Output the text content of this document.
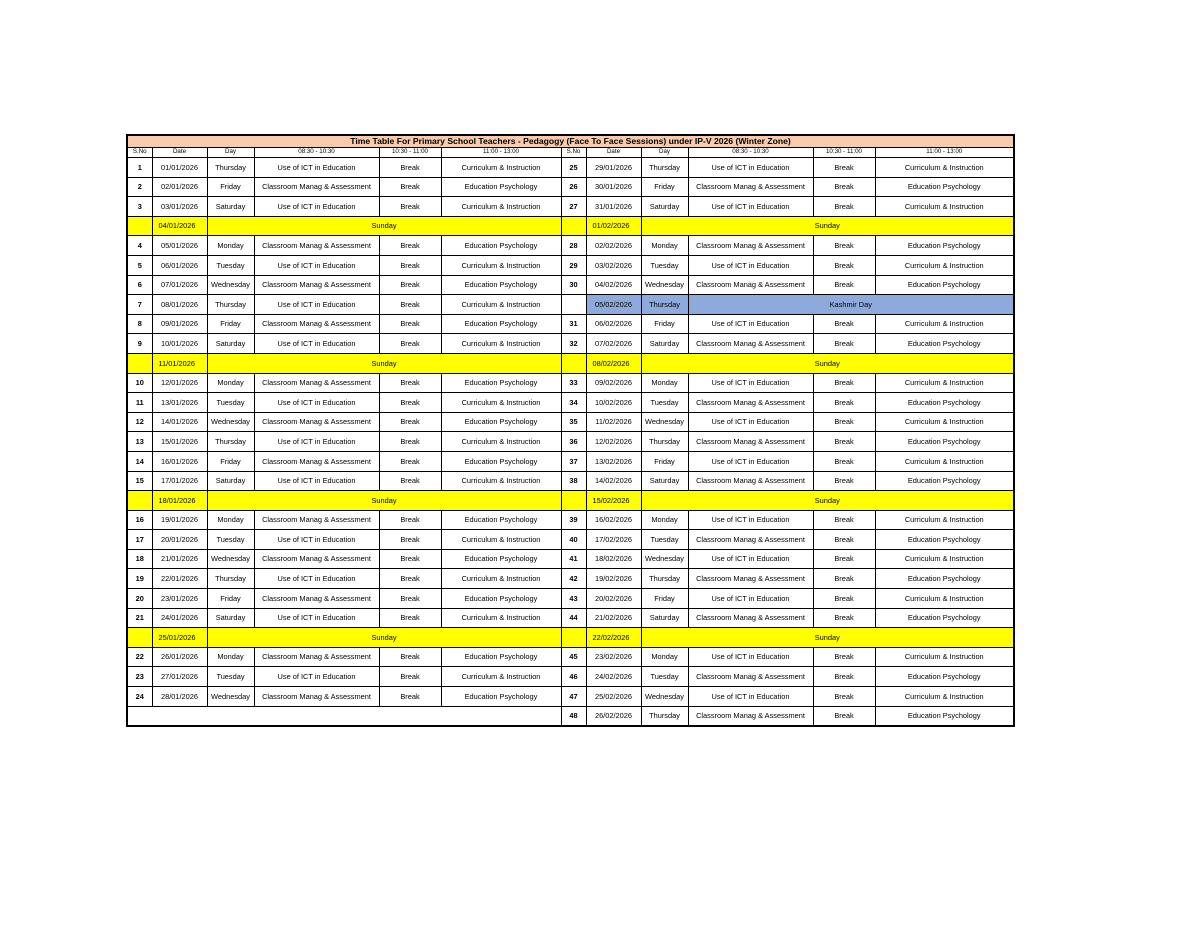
Time Table For Primary School Teachers - Pedagogy (Face To Face Sessions) under IP-V 2026 (Winter Zone)											
S.No	Date	Day	08:30 - 10:30	10:30 - 11:00	11:00 - 13:00	S.No	Date	Day	08:30 - 10:30	10:30 - 11:00	11:00 - 13:00
1	01/01/2026	Thursday	Use of ICT in Education	Break	Curriculum & Instruction	25	29/01/2026	Thursday	Use of ICT in Education	Break	Curriculum & Instruction
2	02/01/2026	Friday	Classroom Manag & Assessment	Break	Education Psychology	26	30/01/2026	Friday	Classroom Manag & Assessment	Break	Education Psychology
3	03/01/2026	Saturday	Use of ICT in Education	Break	Curriculum & Instruction	27	31/01/2026	Saturday	Use of ICT in Education	Break	Curriculum & Instruction
	04/01/2026	Sunday					01/02/2026	Sunday			
4	05/01/2026	Monday	Classroom Manag & Assessment	Break	Education Psychology	28	02/02/2026	Monday	Classroom Manag & Assessment	Break	Education Psychology
5	06/01/2026	Tuesday	Use of ICT in Education	Break	Curriculum & Instruction	29	03/02/2026	Tuesday	Use of ICT in Education	Break	Curriculum & Instruction
6	07/01/2026	Wednesday	Classroom Manag & Assessment	Break	Education Psychology	30	04/02/2026	Wednesday	Classroom Manag & Assessment	Break	Education Psychology
7	08/01/2026	Thursday	Use of ICT in Education	Break	Curriculum & Instruction		05/02/2026	Thursday	Kashmir Day		
8	09/01/2026	Friday	Classroom Manag & Assessment	Break	Education Psychology	31	06/02/2026	Friday	Use of ICT in Education	Break	Curriculum & Instruction
9	10/01/2026	Saturday	Use of ICT in Education	Break	Curriculum & Instruction	32	07/02/2026	Saturday	Classroom Manag & Assessment	Break	Education Psychology
	11/01/2026	Sunday					08/02/2026	Sunday			
10	12/01/2026	Monday	Classroom Manag & Assessment	Break	Education Psychology	33	09/02/2026	Monday	Use of ICT in Education	Break	Curriculum & Instruction
11	13/01/2026	Tuesday	Use of ICT in Education	Break	Curriculum & Instruction	34	10/02/2026	Tuesday	Classroom Manag & Assessment	Break	Education Psychology
12	14/01/2026	Wednesday	Classroom Manag & Assessment	Break	Education Psychology	35	11/02/2026	Wednesday	Use of ICT in Education	Break	Curriculum & Instruction
13	15/01/2026	Thursday	Use of ICT in Education	Break	Curriculum & Instruction	36	12/02/2026	Thursday	Classroom Manag & Assessment	Break	Education Psychology
14	16/01/2026	Friday	Classroom Manag & Assessment	Break	Education Psychology	37	13/02/2026	Friday	Use of ICT in Education	Break	Curriculum & Instruction
15	17/01/2026	Saturday	Use of ICT in Education	Break	Curriculum & Instruction	38	14/02/2026	Saturday	Classroom Manag & Assessment	Break	Education Psychology
	18/01/2026	Sunday					15/02/2026	Sunday			
16	19/01/2026	Monday	Classroom Manag & Assessment	Break	Education Psychology	39	16/02/2026	Monday	Use of ICT in Education	Break	Curriculum & Instruction
17	20/01/2026	Tuesday	Use of ICT in Education	Break	Curriculum & Instruction	40	17/02/2026	Tuesday	Classroom Manag & Assessment	Break	Education Psychology
18	21/01/2026	Wednesday	Classroom Manag & Assessment	Break	Education Psychology	41	18/02/2026	Wednesday	Use of ICT in Education	Break	Curriculum & Instruction
19	22/01/2026	Thursday	Use of ICT in Education	Break	Curriculum & Instruction	42	19/02/2026	Thursday	Classroom Manag & Assessment	Break	Education Psychology
20	23/01/2026	Friday	Classroom Manag & Assessment	Break	Education Psychology	43	20/02/2026	Friday	Use of ICT in Education	Break	Curriculum & Instruction
21	24/01/2026	Saturday	Use of ICT in Education	Break	Curriculum & Instruction	44	21/02/2026	Saturday	Classroom Manag & Assessment	Break	Education Psychology
	25/01/2026	Sunday					22/02/2026	Sunday			
22	26/01/2026	Monday	Classroom Manag & Assessment	Break	Education Psychology	45	23/02/2026	Monday	Use of ICT in Education	Break	Curriculum & Instruction
23	27/01/2026	Tuesday	Use of ICT in Education	Break	Curriculum & Instruction	46	24/02/2026	Tuesday	Classroom Manag & Assessment	Break	Education Psychology
24	28/01/2026	Wednesday	Classroom Manag & Assessment	Break	Education Psychology	47	25/02/2026	Wednesday	Use of ICT in Education	Break	Curriculum & Instruction
						48	26/02/2026	Thursday	Classroom Manag & Assessment	Break	Education Psychology
